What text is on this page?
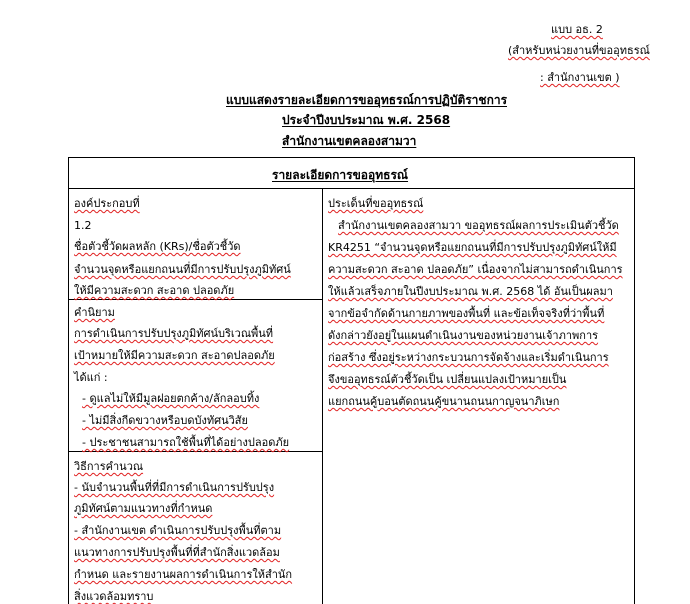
แบบ อธ. 2
(สำหรับหน่วยงานที่ขออุทธรณ์
: สำนักงานเขต )
แบบแสดงรายละเอียดการขออุทธรณ์การปฏิบัติราชการ
ประจำปีงบประมาณ พ.ศ. 2568
สำนักงานเขตคลองสามวา
รายละเอียดการขออุทธรณ์
องค์ประกอบที่
1.2
ชื่อตัวชี้วัดผลหลัก (KRs)/ชื่อตัวชี้วัด
จำนวนจุดหรือแยกถนนที่มีการปรับปรุงภูมิทัศน์
ให้มีความสะดวก สะอาด ปลอดภัย
คำนิยาม
การดำเนินการปรับปรุงภูมิทัศน์บริเวณพื้นที่
เป้าหมายให้มีความสะดวก สะอาดปลอดภัย
ได้แก่ :
- ดูแลไม่ให้มีมูลฝอยตกค้าง/ลักลอบทิ้ง
- ไม่มีสิ่งกีดขวางหรือบดบังทัศนวิสัย
- ประชาชนสามารถใช้พื้นที่ได้อย่างปลอดภัย
วิธีการคำนวณ
- นับจำนวนพื้นที่ที่มีการดำเนินการปรับปรุง
ภูมิทัศน์ตามแนวทางที่กำหนด
- สำนักงานเขต ดำเนินการปรับปรุงพื้นที่ตาม
แนวทางการปรับปรุงพื้นที่ที่สำนักสิ่งแวดล้อม
กำหนด และรายงานผลการดำเนินการให้สำนัก
สิ่งแวดล้อมทราบ
ประเด็นที่ขออุทธรณ์
สำนักงานเขตคลองสามวา ขออุทธรณ์ผลการประเมินตัวชี้วัด
KR4251 “จำนวนจุดหรือแยกถนนที่มีการปรับปรุงภูมิทัศน์ให้มี
ความสะดวก สะอาด ปลอดภัย” เนื่องจากไม่สามารถดำเนินการ
ให้แล้วเสร็จภายในปีงบประมาณ พ.ศ. 2568 ได้ อันเป็นผลมา
จากข้อจำกัดด้านกายภาพของพื้นที่ และข้อเท็จจริงที่ว่าพื้นที่
ดังกล่าวยังอยู่ในแผนดำเนินงานของหน่วยงานเจ้าภาพการ
ก่อสร้าง ซึ่งอยู่ระหว่างกระบวนการจัดจ้างและเริ่มดำเนินการ
จึงขออุทธรณ์ตัวชี้วัดเป็น เปลี่ยนแปลงเป้าหมายเป็น
แยกถนนคู้บอนตัดถนนคู้ขนานถนนกาญจนาภิเษก
